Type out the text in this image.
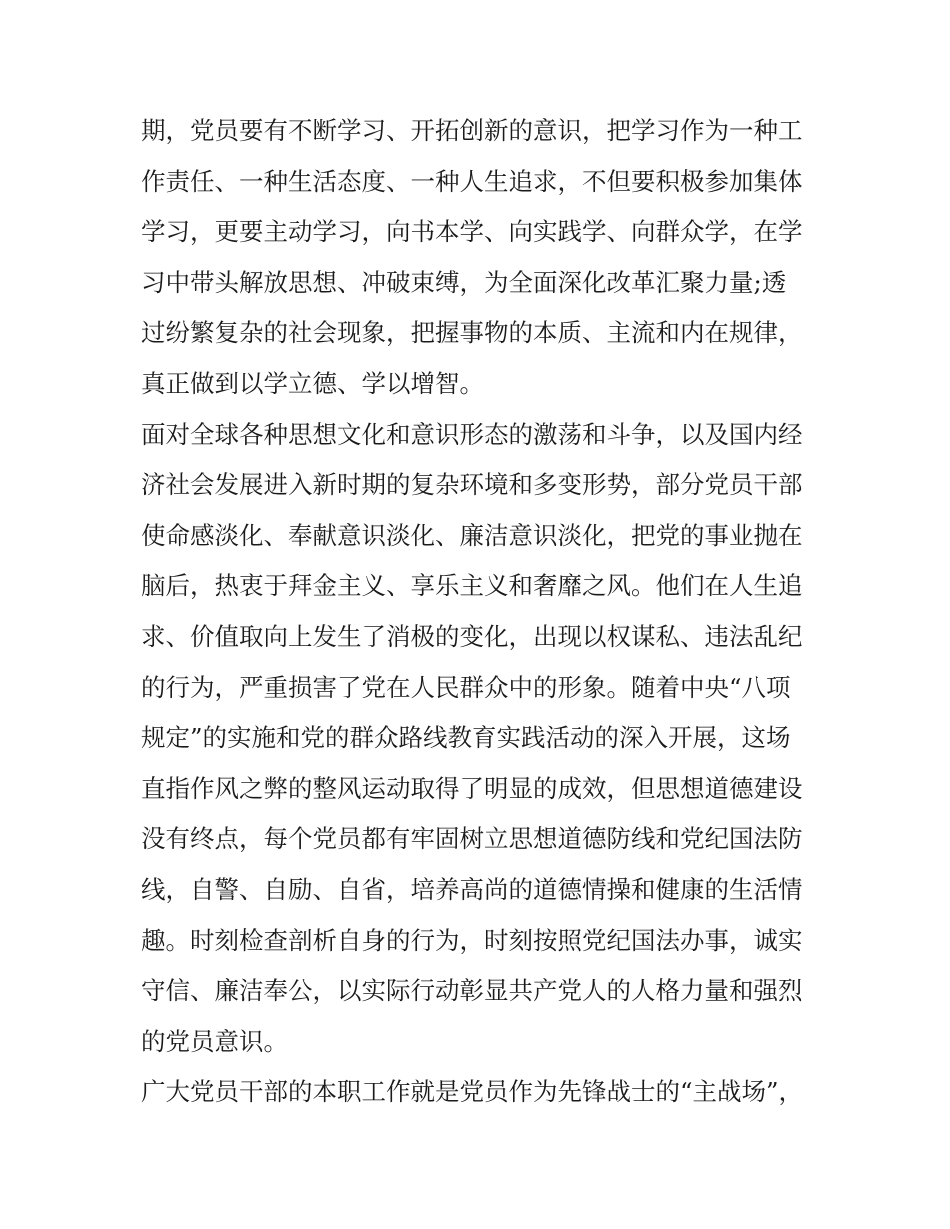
期，党员要有不断学习、开拓创新的意识，把学习作为一种工
作责任、一种生活态度、一种人生追求，不但要积极参加集体
学习，更要主动学习，向书本学、向实践学、向群众学，在学
习中带头解放思想、冲破束缚，为全面深化改革汇聚力量;透
过纷繁复杂的社会现象，把握事物的本质、主流和内在规律，
真正做到以学立德、学以增智。
面对全球各种思想文化和意识形态的激荡和斗争，以及国内经
济社会发展进入新时期的复杂环境和多变形势，部分党员干部
使命感淡化、奉献意识淡化、廉洁意识淡化，把党的事业抛在
脑后，热衷于拜金主义、享乐主义和奢靡之风。他们在人生追
求、价值取向上发生了消极的变化，出现以权谋私、违法乱纪
的行为，严重损害了党在人民群众中的形象。随着中央“八项
规定”的实施和党的群众路线教育实践活动的深入开展，这场
直指作风之弊的整风运动取得了明显的成效，但思想道德建设
没有终点，每个党员都有牢固树立思想道德防线和党纪国法防
线，自警、自励、自省，培养高尚的道德情操和健康的生活情
趣。时刻检查剖析自身的行为，时刻按照党纪国法办事，诚实
守信、廉洁奉公，以实际行动彰显共产党人的人格力量和强烈
的党员意识。
广大党员干部的本职工作就是党员作为先锋战士的“主战场”，
